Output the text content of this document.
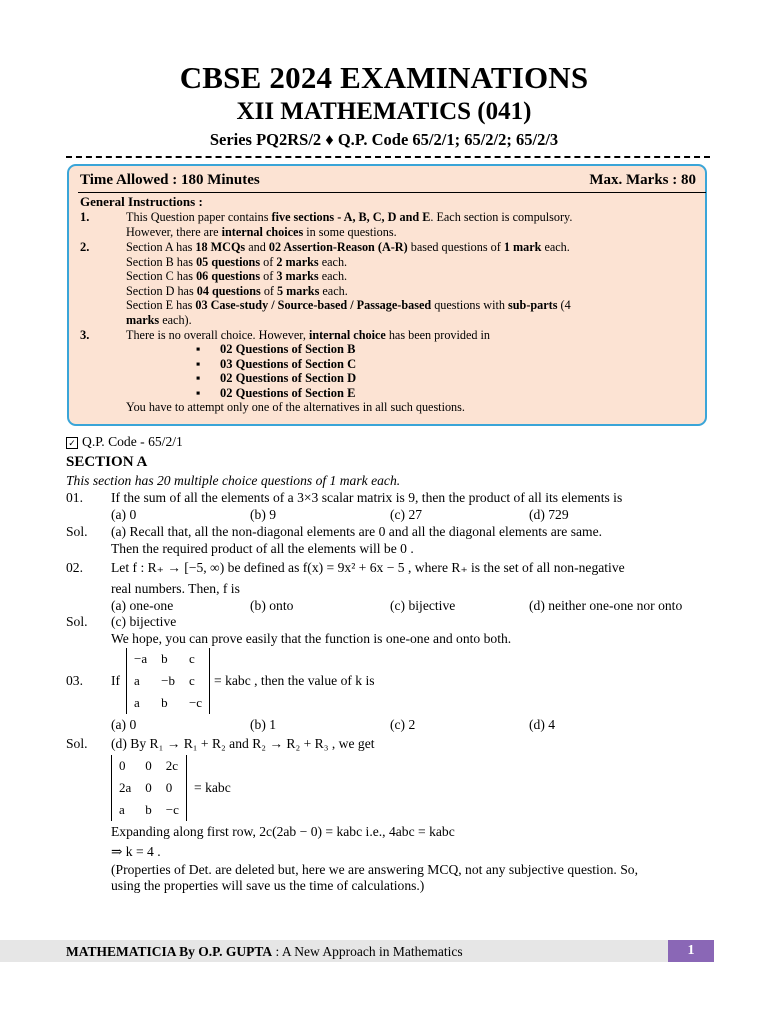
CBSE 2024 EXAMINATIONS
XII MATHEMATICS (041)
Series PQ2RS/2 ♦ Q.P. Code 65/2/1; 65/2/2; 65/2/3
Time Allowed : 180 Minutes	Max. Marks : 80
General Instructions :
1.	This Question paper contains five sections - A, B, C, D and E. Each section is compulsory.
However, there are internal choices in some questions.
2.	Section A has 18 MCQs and 02 Assertion-Reason (A-R) based questions of 1 mark each.
Section B has 05 questions of 2 marks each.
Section C has 06 questions of 3 marks each.
Section D has 04 questions of 5 marks each.
Section E has 03 Case-study / Source-based / Passage-based questions with sub-parts (4
marks each).
3.	There is no overall choice. However, internal choice has been provided in
▪ 02 Questions of Section B
▪ 03 Questions of Section C
▪ 02 Questions of Section D
▪ 02 Questions of Section E
You have to attempt only one of the alternatives in all such questions.
✓ Q.P. Code - 65/2/1
SECTION A
This section has 20 multiple choice questions of 1 mark each.
01. If the sum of all the elements of a 3×3 scalar matrix is 9, then the product of all its elements is
(a) 0	(b) 9	(c) 27	(d) 729
Sol. (a) Recall that, all the non-diagonal elements are 0 and all the diagonal elements are same.
Then the required product of all the elements will be 0 .
02. Let f : R₊ → [−5, ∞) be defined as f(x) = 9x² + 6x − 5 , where R₊ is the set of all non-negative
real numbers. Then, f is
(a) one-one	(b) onto	(c) bijective	(d) neither one-one nor onto
Sol. (c) bijective
We hope, you can prove easily that the function is one-one and onto both.
03. If
−a	b	c
a	−b	c
a	b	−c
= kabc , then the value of k is
(a) 0	(b) 1	(c) 2	(d) 4
Sol. (d) By R₁ → R₁ + R₂ and R₂ → R₂ + R₃ , we get
0	0	2c
2a	0	0
a	b	−c
= kabc
Expanding along first row, 2c(2ab − 0) = kabc i.e., 4abc = kabc
⇒ k = 4 .
(Properties of Det. are deleted but, here we are answering MCQ, not any subjective question. So,
using the properties will save us the time of calculations.)
MATHEMATICIA By O.P. GUPTA : A New Approach in Mathematics	1
